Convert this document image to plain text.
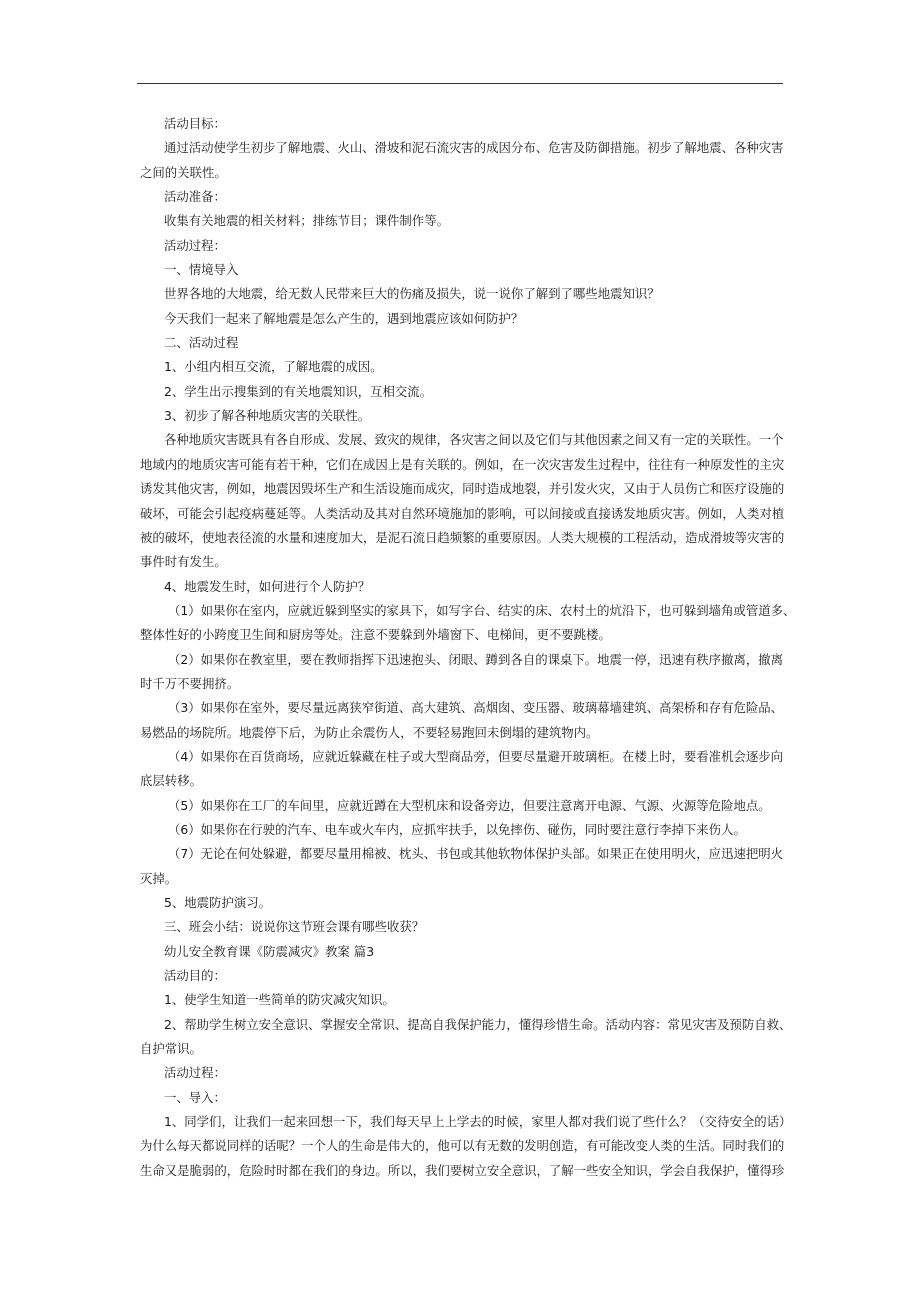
活动目标：
通过活动使学生初步了解地震、火山、滑坡和泥石流灾害的成因分布、危害及防御措施。初步了解地震、各种灾害
之间的关联性。
活动准备：
收集有关地震的相关材料；排练节目；课件制作等。
活动过程：
一、情境导入
世界各地的大地震，给无数人民带来巨大的伤痛及损失，说一说你了解到了哪些地震知识？
今天我们一起来了解地震是怎么产生的，遇到地震应该如何防护？
二、活动过程
1、小组内相互交流，了解地震的成因。
2、学生出示搜集到的有关地震知识，互相交流。
3、初步了解各种地质灾害的关联性。
各种地质灾害既具有各自形成、发展、致灾的规律，各灾害之间以及它们与其他因素之间又有一定的关联性。一个
地域内的地质灾害可能有若干种，它们在成因上是有关联的。例如，在一次灾害发生过程中，往往有一种原发性的主灾
诱发其他灾害，例如，地震因毁坏生产和生活设施而成灾，同时造成地裂，并引发火灾，又由于人员伤亡和医疗设施的
破坏，可能会引起疫病蔓延等。人类活动及其对自然环境施加的影响，可以间接或直接诱发地质灾害。例如，人类对植
被的破坏，使地表径流的水量和速度加大，是泥石流日趋频繁的重要原因。人类大规模的工程活动，造成滑坡等灾害的
事件时有发生。
4、地震发生时，如何进行个人防护？
（1）如果你在室内，应就近躲到坚实的家具下，如写字台、结实的床、农村土的炕沿下，也可躲到墙角或管道多、
整体性好的小跨度卫生间和厨房等处。注意不要躲到外墙窗下、电梯间，更不要跳楼。
（2）如果你在教室里，要在教师指挥下迅速抱头、闭眼、蹲到各自的课桌下。地震一停，迅速有秩序撤离，撤离
时千万不要拥挤。
（3）如果你在室外，要尽量远离狭窄街道、高大建筑、高烟囱、变压器、玻璃幕墙建筑、高架桥和存有危险品、
易燃品的场院所。地震停下后，为防止余震伤人，不要轻易跑回未倒塌的建筑物内。
（4）如果你在百货商场，应就近躲藏在柱子或大型商品旁，但要尽量避开玻璃柜。在楼上时，要看准机会逐步向
底层转移。
（5）如果你在工厂的车间里，应就近蹲在大型机床和设备旁边，但要注意离开电源、气源、火源等危险地点。
（6）如果你在行驶的汽车、电车或火车内，应抓牢扶手，以免摔伤、碰伤，同时要注意行李掉下来伤人。
（7）无论在何处躲避，都要尽量用棉被、枕头、书包或其他软物体保护头部。如果正在使用明火，应迅速把明火
灭掉。
5、地震防护演习。
三、班会小结：说说你这节班会课有哪些收获？
幼儿安全教育课《防震减灾》教案 篇3
活动目的：
1、使学生知道一些简单的防灾减灾知识。
2、帮助学生树立安全意识、掌握安全常识、提高自我保护能力，懂得珍惜生命。活动内容：常见灾害及预防自救、
自护常识。
活动过程：
一、导入：
1、同学们，让我们一起来回想一下，我们每天早上上学去的时候，家里人都对我们说了些什么？（交待安全的话）
为什么每天都说同样的话呢？一个人的生命是伟大的，他可以有无数的发明创造，有可能改变人类的生活。同时我们的
生命又是脆弱的，危险时时都在我们的身边。所以，我们要树立安全意识，了解一些安全知识，学会自我保护，懂得珍
